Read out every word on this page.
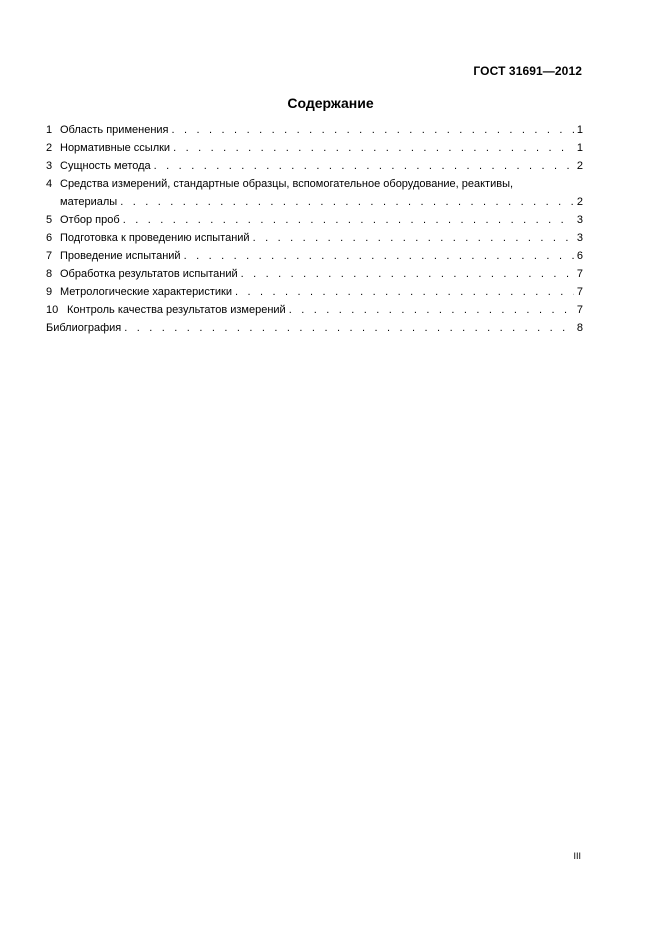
ГОСТ 31691—2012
Содержание
1 Область применения . . .	1
2 Нормативные ссылки . . .	1
3 Сущность метода . . .	2
4 Средства измерений, стандартные образцы, вспомогательное оборудование, реактивы,
материалы . . .	2
5 Отбор проб . . .	3
6 Подготовка к проведению испытаний . . .	3
7 Проведение испытаний . . .	6
8 Обработка результатов испытаний . . .	7
9 Метрологические характеристики . . .	7
10 Контроль качества результатов измерений . . .	7
Библиография . . .	8
III
